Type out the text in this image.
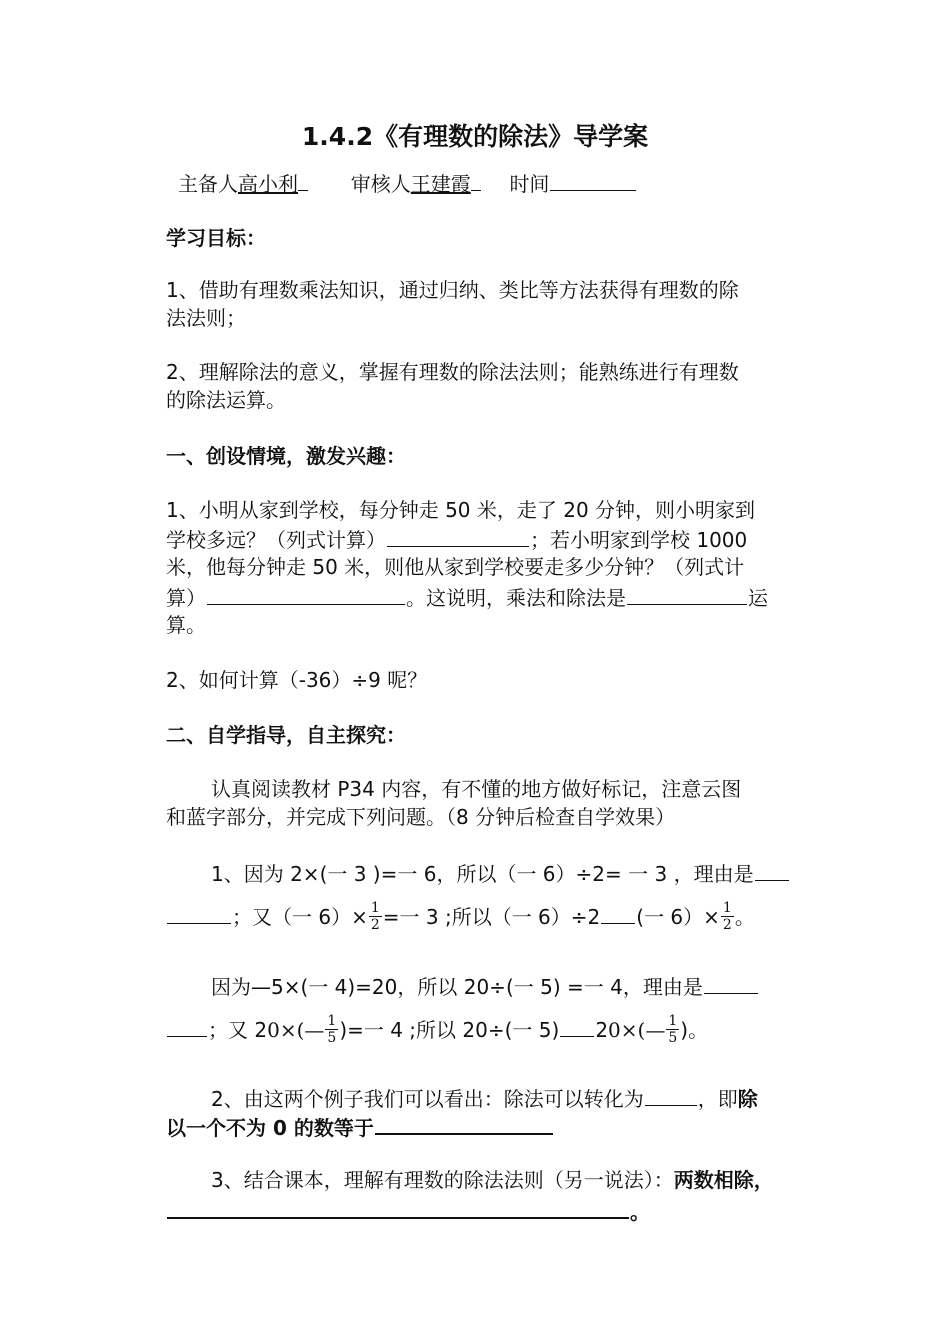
1.4.2《有理数的除法》导学案
主备人高小利	审核人王建霞 时间
学习目标：
1、借助有理数乘法知识，通过归纳、类比等方法获得有理数的除
法法则；
2、理解除法的意义，掌握有理数的除法法则；能熟练进行有理数
的除法运算。
一、创设情境，激发兴趣：
1、小明从家到学校，每分钟走 50 米，走了 20 分钟，则小明家到
学校多远？（列式计算）	；若小明家到学校 1000
米，他每分钟走 50 米，则他从家到学校要走多少分钟？（列式计
算）	。这说明，乘法和除法是	运
算。
2、如何计算（-36）÷9 呢？
二、自学指导，自主探究：
认真阅读教材 P34 内容，有不懂的地方做好标记，注意云图
和蓝字部分，并完成下列问题。（8 分钟后检查自学效果）
1、因为 2×(一 3 )=一 6，所以（一 6）÷2= 一 3 ，理由是
；又（一 $6)\times \frac{1}{2}$ =一 3 ;所以（一 6）÷2 (一 $6)\times \frac{1}{2}$ 。
因为—5×(一 4)=20，所以 20÷(一 5) =一 4，理由是
；又 20×(— $\frac{1}{5}$ )=一 4 ;所以 20÷(一 5) 20×(— $\frac{1}{5}$ )。
2、由这两个例子我们可以看出：除法可以转化为	，即除
以一个不为 0 的数等于
3、结合课本，理解有理数的除法法则（另一说法）：两数相除，
。
